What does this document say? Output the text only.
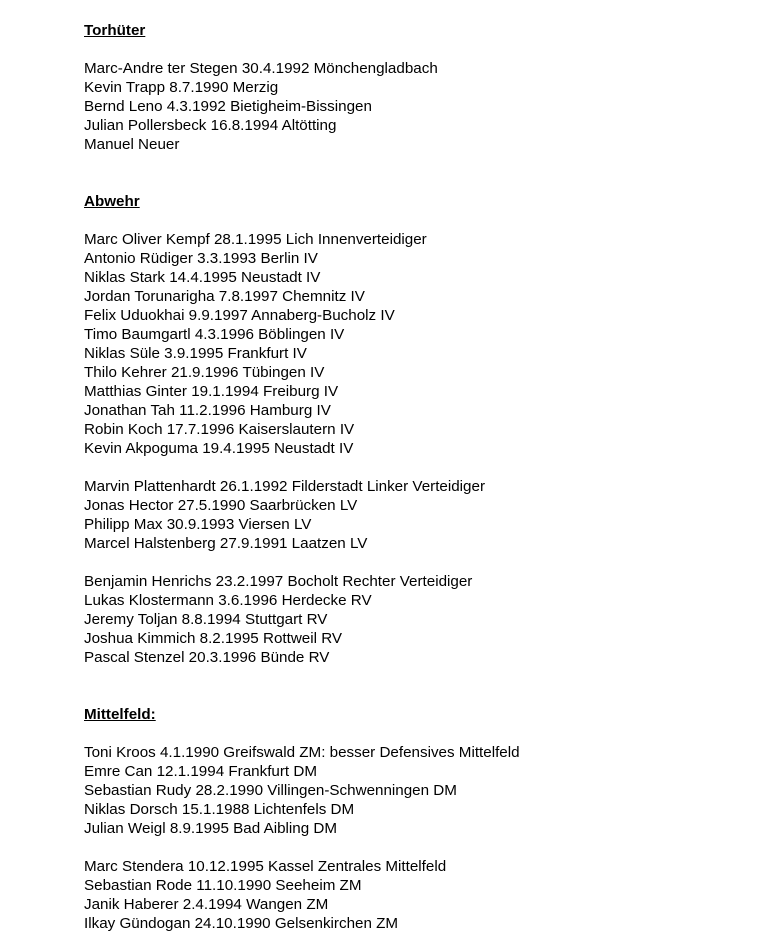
Torhüter
Marc-Andre ter Stegen 30.4.1992 Mönchengladbach
Kevin Trapp 8.7.1990 Merzig
Bernd Leno 4.3.1992 Bietigheim-Bissingen
Julian Pollersbeck 16.8.1994 Altötting
Manuel Neuer
Abwehr
Marc Oliver Kempf 28.1.1995 Lich Innenverteidiger
Antonio Rüdiger 3.3.1993 Berlin IV
Niklas Stark 14.4.1995 Neustadt IV
Jordan Torunarigha 7.8.1997 Chemnitz IV
Felix Uduokhai 9.9.1997 Annaberg-Bucholz IV
Timo Baumgartl 4.3.1996 Böblingen IV
Niklas Süle 3.9.1995 Frankfurt IV
Thilo Kehrer 21.9.1996 Tübingen IV
Matthias Ginter 19.1.1994 Freiburg IV
Jonathan Tah 11.2.1996 Hamburg IV
Robin Koch 17.7.1996 Kaiserslautern IV
Kevin Akpoguma 19.4.1995 Neustadt IV
Marvin Plattenhardt 26.1.1992 Filderstadt Linker Verteidiger
Jonas Hector 27.5.1990 Saarbrücken LV
Philipp Max 30.9.1993 Viersen LV
Marcel Halstenberg 27.9.1991 Laatzen LV
Benjamin Henrichs 23.2.1997 Bocholt Rechter Verteidiger
Lukas Klostermann 3.6.1996 Herdecke RV
Jeremy Toljan 8.8.1994 Stuttgart RV
Joshua Kimmich 8.2.1995 Rottweil RV
Pascal Stenzel 20.3.1996 Bünde RV
Mittelfeld:
Toni Kroos 4.1.1990 Greifswald ZM: besser Defensives Mittelfeld
Emre Can 12.1.1994 Frankfurt DM
Sebastian Rudy 28.2.1990 Villingen-Schwenningen DM
Niklas Dorsch 15.1.1988 Lichtenfels DM
Julian Weigl 8.9.1995 Bad Aibling DM
Marc Stendera 10.12.1995 Kassel Zentrales Mittelfeld
Sebastian Rode 11.10.1990 Seeheim ZM
Janik Haberer 2.4.1994 Wangen ZM
Ilkay Gündogan 24.10.1990 Gelsenkirchen ZM
